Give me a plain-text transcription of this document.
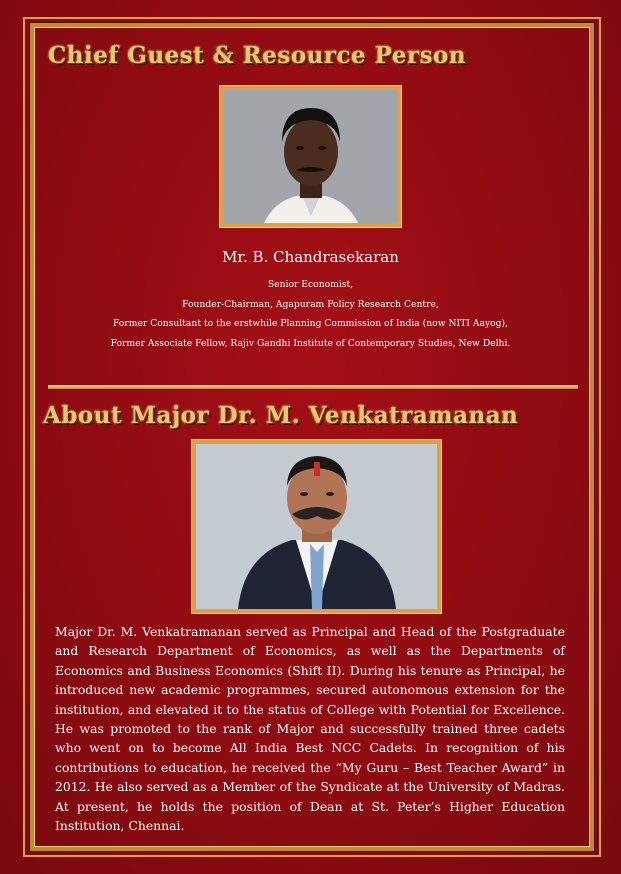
Chief Guest & Resource Person
Mr. B. Chandrasekaran
Senior Economist,
Founder-Chairman, Agapuram Policy Research Centre,
Former Consultant to the erstwhile Planning Commission of India (now NITI Aayog),
Former Associate Fellow, Rajiv Gandhi Institute of Contemporary Studies, New Delhi.
About Major Dr. M. Venkatramanan

Major Dr. M. Venkatramanan served as Principal and Head of the Postgraduate and Research Department of Economics, as well as the Departments of Economics and Business Economics (Shift II). During his tenure as Principal, he introduced new academic programmes, secured autonomous extension for the institution, and elevated it to the status of College with Potential for Excellence. He was promoted to the rank of Major and successfully trained three cadets who went on to become All India Best NCC Cadets. In recognition of his contributions to education, he received the “My Guru – Best Teacher Award” in 2012. He also served as a Member of the Syndicate at the University of Madras. At present, he holds the position of Dean at St. Peter’s Higher Education Institution, Chennai.
